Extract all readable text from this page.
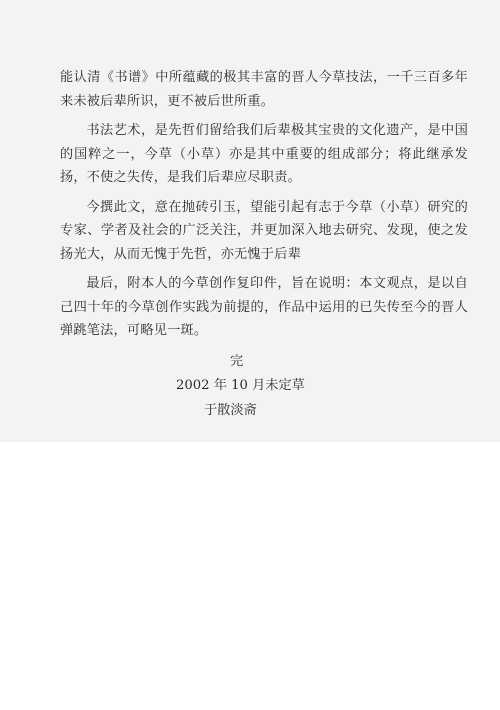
能认清《书谱》中所蕴藏的极其丰富的晋人今草技法，一千三百多年来未被后辈所识，更不被后世所重。

书法艺术，是先哲们留给我们后辈极其宝贵的文化遗产，是中国的国粹之一，今草（小草）亦是其中重要的组成部分；将此继承发扬，不使之失传，是我们后辈应尽职责。

今撰此文，意在抛砖引玉，望能引起有志于今草（小草）研究的专家、学者及社会的广泛关注，并更加深入地去研究、发现，使之发扬光大，从而无愧于先哲，亦无愧于后辈

最后，附本人的今草创作复印件，旨在说明：本文观点，是以自己四十年的今草创作实践为前提的，作品中运用的已失传至今的晋人弹跳笔法，可略见一斑。

完
2002 年 10 月未定草
于散淡斋
